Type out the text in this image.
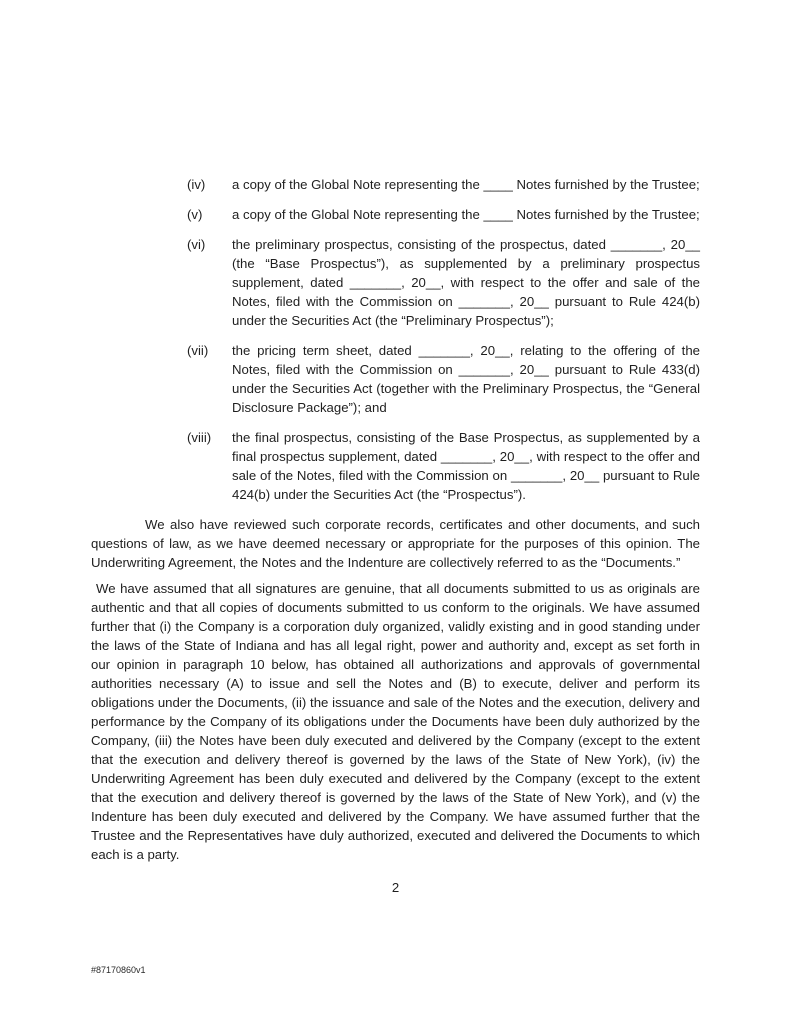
(iv)	a copy of the Global Note representing the ____ Notes furnished by the Trustee;
(v)	a copy of the Global Note representing the ____ Notes furnished by the Trustee;
(vi)	the preliminary prospectus, consisting of the prospectus, dated _______, 20__ (the “Base Prospectus”), as supplemented by a preliminary prospectus supplement, dated _______, 20__, with respect to the offer and sale of the Notes, filed with the Commission on _______, 20__ pursuant to Rule 424(b) under the Securities Act (the “Preliminary Prospectus”);
(vii)	the pricing term sheet, dated _______, 20__, relating to the offering of the Notes, filed with the Commission on _______, 20__ pursuant to Rule 433(d) under the Securities Act (together with the Preliminary Prospectus, the “General Disclosure Package”); and
(viii)	the final prospectus, consisting of the Base Prospectus, as supplemented by a final prospectus supplement, dated _______, 20__, with respect to the offer and sale of the Notes, filed with the Commission on _______, 20__ pursuant to Rule 424(b) under the Securities Act (the “Prospectus”).

We also have reviewed such corporate records, certificates and other documents, and such questions of law, as we have deemed necessary or appropriate for the purposes of this opinion. The Underwriting Agreement, the Notes and the Indenture are collectively referred to as the “Documents.”

We have assumed that all signatures are genuine, that all documents submitted to us as originals are authentic and that all copies of documents submitted to us conform to the originals. We have assumed further that (i) the Company is a corporation duly organized, validly existing and in good standing under the laws of the State of Indiana and has all legal right, power and authority and, except as set forth in our opinion in paragraph 10 below, has obtained all authorizations and approvals of governmental authorities necessary (A) to issue and sell the Notes and (B) to execute, deliver and perform its obligations under the Documents, (ii) the issuance and sale of the Notes and the execution, delivery and performance by the Company of its obligations under the Documents have been duly authorized by the Company, (iii) the Notes have been duly executed and delivered by the Company (except to the extent that the execution and delivery thereof is governed by the laws of the State of New York), (iv) the Underwriting Agreement has been duly executed and delivered by the Company (except to the extent that the execution and delivery thereof is governed by the laws of the State of New York), and (v) the Indenture has been duly executed and delivered by the Company. We have assumed further that the Trustee and the Representatives have duly authorized, executed and delivered the Documents to which each is a party.

2
#87170860v1
